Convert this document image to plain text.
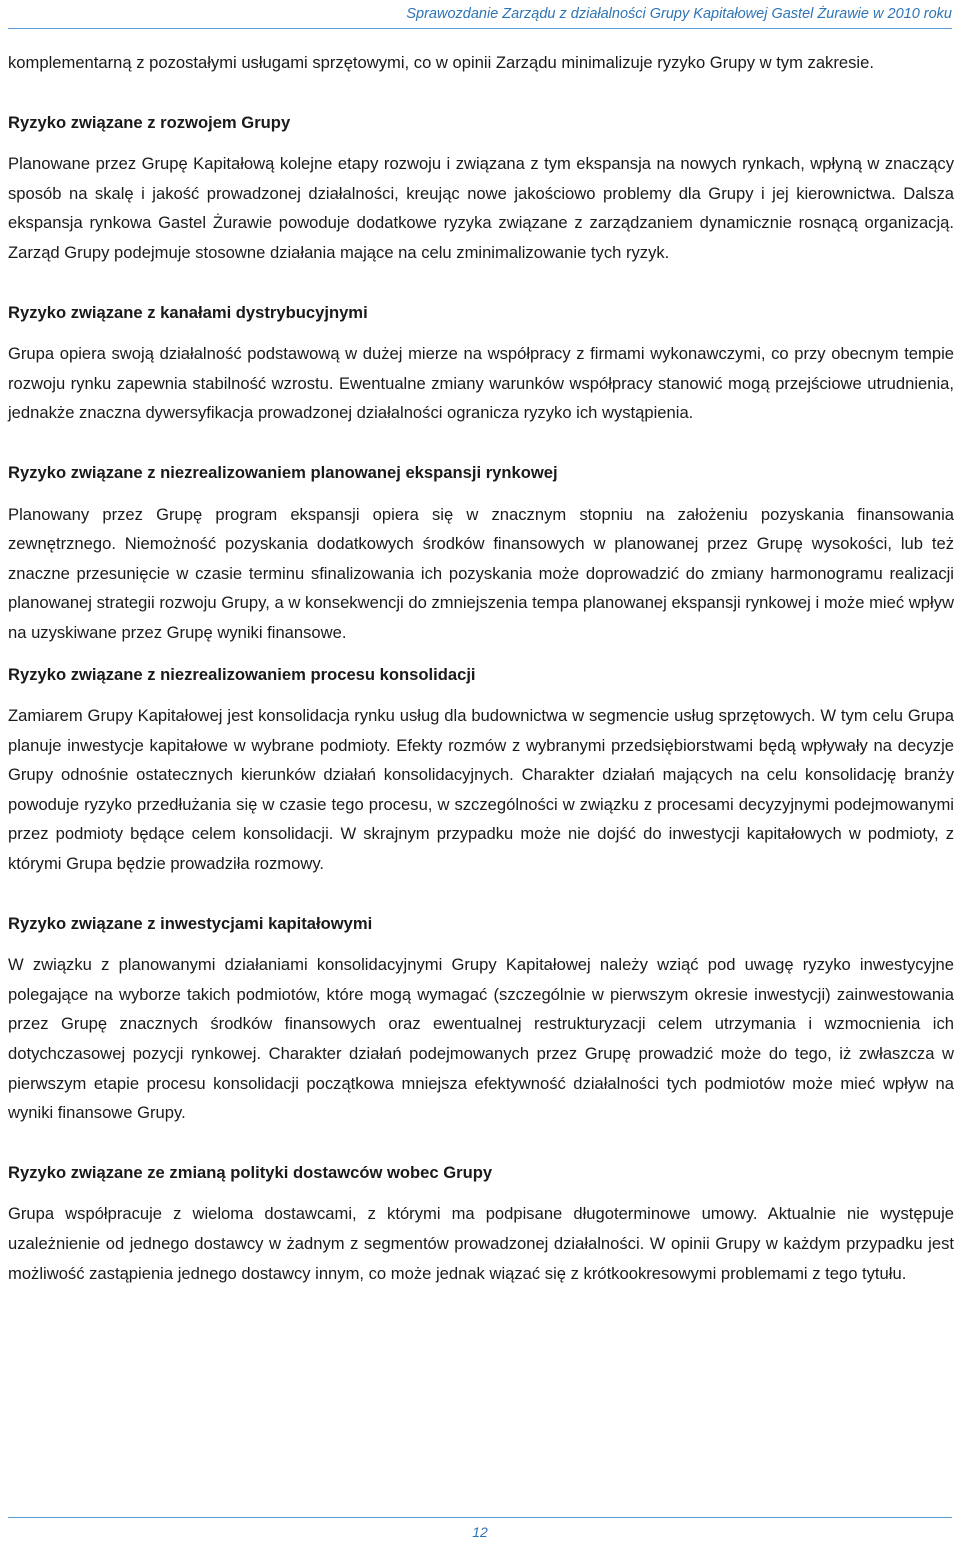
Sprawozdanie Zarządu z działalności Grupy Kapitałowej Gastel Żurawie w 2010 roku

komplementarną z pozostałymi usługami sprzętowymi, co w opinii Zarządu minimalizuje ryzyko Grupy w tym zakresie.

Ryzyko związane z rozwojem Grupy

Planowane przez Grupę Kapitałową kolejne etapy rozwoju i związana z tym ekspansja na nowych rynkach, wpłyną w znaczący sposób na skalę i jakość prowadzonej działalności, kreując nowe jakościowo problemy dla Grupy i jej kierownictwa. Dalsza ekspansja rynkowa Gastel Żurawie powoduje dodatkowe ryzyka związane z zarządzaniem dynamicznie rosnącą organizacją. Zarząd Grupy podejmuje stosowne działania mające na celu zminimalizowanie tych ryzyk.

Ryzyko związane z kanałami dystrybucyjnymi

Grupa opiera swoją działalność podstawową w dużej mierze na współpracy z firmami wykonawczymi, co przy obecnym tempie rozwoju rynku zapewnia stabilność wzrostu. Ewentualne zmiany warunków współpracy stanowić mogą przejściowe utrudnienia, jednakże znaczna dywersyfikacja prowadzonej działalności ogranicza ryzyko ich wystąpienia.

Ryzyko związane z niezrealizowaniem planowanej ekspansji rynkowej

Planowany przez Grupę program ekspansji opiera się w znacznym stopniu na założeniu pozyskania finansowania zewnętrznego. Niemożność pozyskania dodatkowych środków finansowych w planowanej przez Grupę wysokości, lub też znaczne przesunięcie w czasie terminu sfinalizowania ich pozyskania może doprowadzić do zmiany harmonogramu realizacji planowanej strategii rozwoju Grupy, a w konsekwencji do zmniejszenia tempa planowanej ekspansji rynkowej i może mieć wpływ na uzyskiwane przez Grupę wyniki finansowe.

Ryzyko związane z niezrealizowaniem procesu konsolidacji

Zamiarem Grupy Kapitałowej jest konsolidacja rynku usług dla budownictwa w segmencie usług sprzętowych. W tym celu Grupa planuje inwestycje kapitałowe w wybrane podmioty. Efekty rozmów z wybranymi przedsiębiorstwami będą wpływały na decyzje Grupy odnośnie ostatecznych kierunków działań konsolidacyjnych. Charakter działań mających na celu konsolidację branży powoduje ryzyko przedłużania się w czasie tego procesu, w szczególności w związku z procesami decyzyjnymi podejmowanymi przez podmioty będące celem konsolidacji. W skrajnym przypadku może nie dojść do inwestycji kapitałowych w podmioty, z którymi Grupa będzie prowadziła rozmowy.

Ryzyko związane z inwestycjami kapitałowymi

W związku z planowanymi działaniami konsolidacyjnymi Grupy Kapitałowej należy wziąć pod uwagę ryzyko inwestycyjne polegające na wyborze takich podmiotów, które mogą wymagać (szczególnie w pierwszym okresie inwestycji) zainwestowania przez Grupę znacznych środków finansowych oraz ewentualnej restrukturyzacji celem utrzymania i wzmocnienia ich dotychczasowej pozycji rynkowej. Charakter działań podejmowanych przez Grupę prowadzić może do tego, iż zwłaszcza w pierwszym etapie procesu konsolidacji początkowa mniejsza efektywność działalności tych podmiotów może mieć wpływ na wyniki finansowe Grupy.

Ryzyko związane ze zmianą polityki dostawców wobec Grupy

Grupa współpracuje z wieloma dostawcami, z którymi ma podpisane długoterminowe umowy. Aktualnie nie występuje uzależnienie od jednego dostawcy w żadnym z segmentów prowadzonej działalności. W opinii Grupy w każdym przypadku jest możliwość zastąpienia jednego dostawcy innym, co może jednak wiązać się z krótkookresowymi problemami z tego tytułu.

12
